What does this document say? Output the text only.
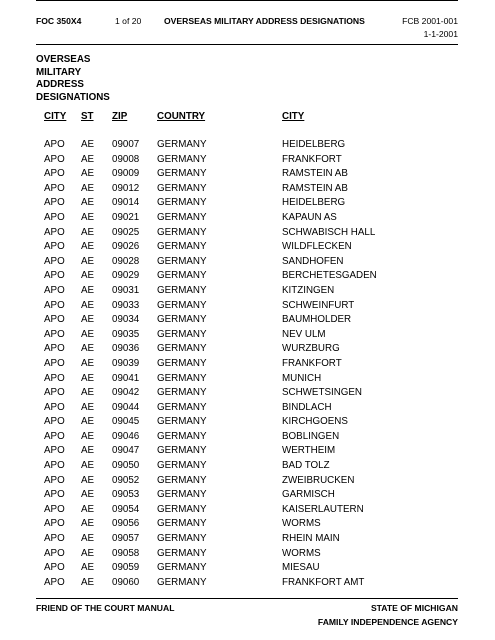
FOC 350X4	1 of 20	OVERSEAS MILITARY ADDRESS DESIGNATIONS	FCB 2001-001
1-1-2001
OVERSEAS
MILITARY
ADDRESS
DESIGNATIONS
CITY ST ZIP	COUNTRY	CITY
APO AE 09007 GERMANY	HEIDELBERG
APO AE 09008 GERMANY	FRANKFORT
APO AE 09009 GERMANY	RAMSTEIN AB
APO AE 09012 GERMANY	RAMSTEIN AB
APO AE 09014 GERMANY	HEIDELBERG
APO AE 09021 GERMANY	KAPAUN AS
APO AE 09025 GERMANY	SCHWABISCH HALL
APO AE 09026 GERMANY	WILDFLECKEN
APO AE 09028 GERMANY	SANDHOFEN
APO AE 09029 GERMANY	BERCHETESGADEN
APO AE 09031 GERMANY	KITZINGEN
APO AE 09033 GERMANY	SCHWEINFURT
APO AE 09034 GERMANY	BAUMHOLDER
APO AE 09035 GERMANY	NEV ULM
APO AE 09036 GERMANY	WURZBURG
APO AE 09039 GERMANY	FRANKFORT
APO AE 09041 GERMANY	MUNICH
APO AE 09042 GERMANY	SCHWETSINGEN
APO AE 09044 GERMANY	BINDLACH
APO AE 09045 GERMANY	KIRCHGOENS
APO AE 09046 GERMANY	BOBLINGEN
APO AE 09047 GERMANY	WERTHEIM
APO AE 09050 GERMANY	BAD TOLZ
APO AE 09052 GERMANY	ZWEIBRUCKEN
APO AE 09053 GERMANY	GARMISCH
APO AE 09054 GERMANY	KAISERLAUTERN
APO AE 09056 GERMANY	WORMS
APO AE 09057 GERMANY	RHEIN MAIN
APO AE 09058 GERMANY	WORMS
APO AE 09059 GERMANY	MIESAU
APO AE 09060 GERMANY	FRANKFORT AMT
FRIEND OF THE COURT MANUAL	STATE OF MICHIGAN
FAMILY INDEPENDENCE AGENCY
